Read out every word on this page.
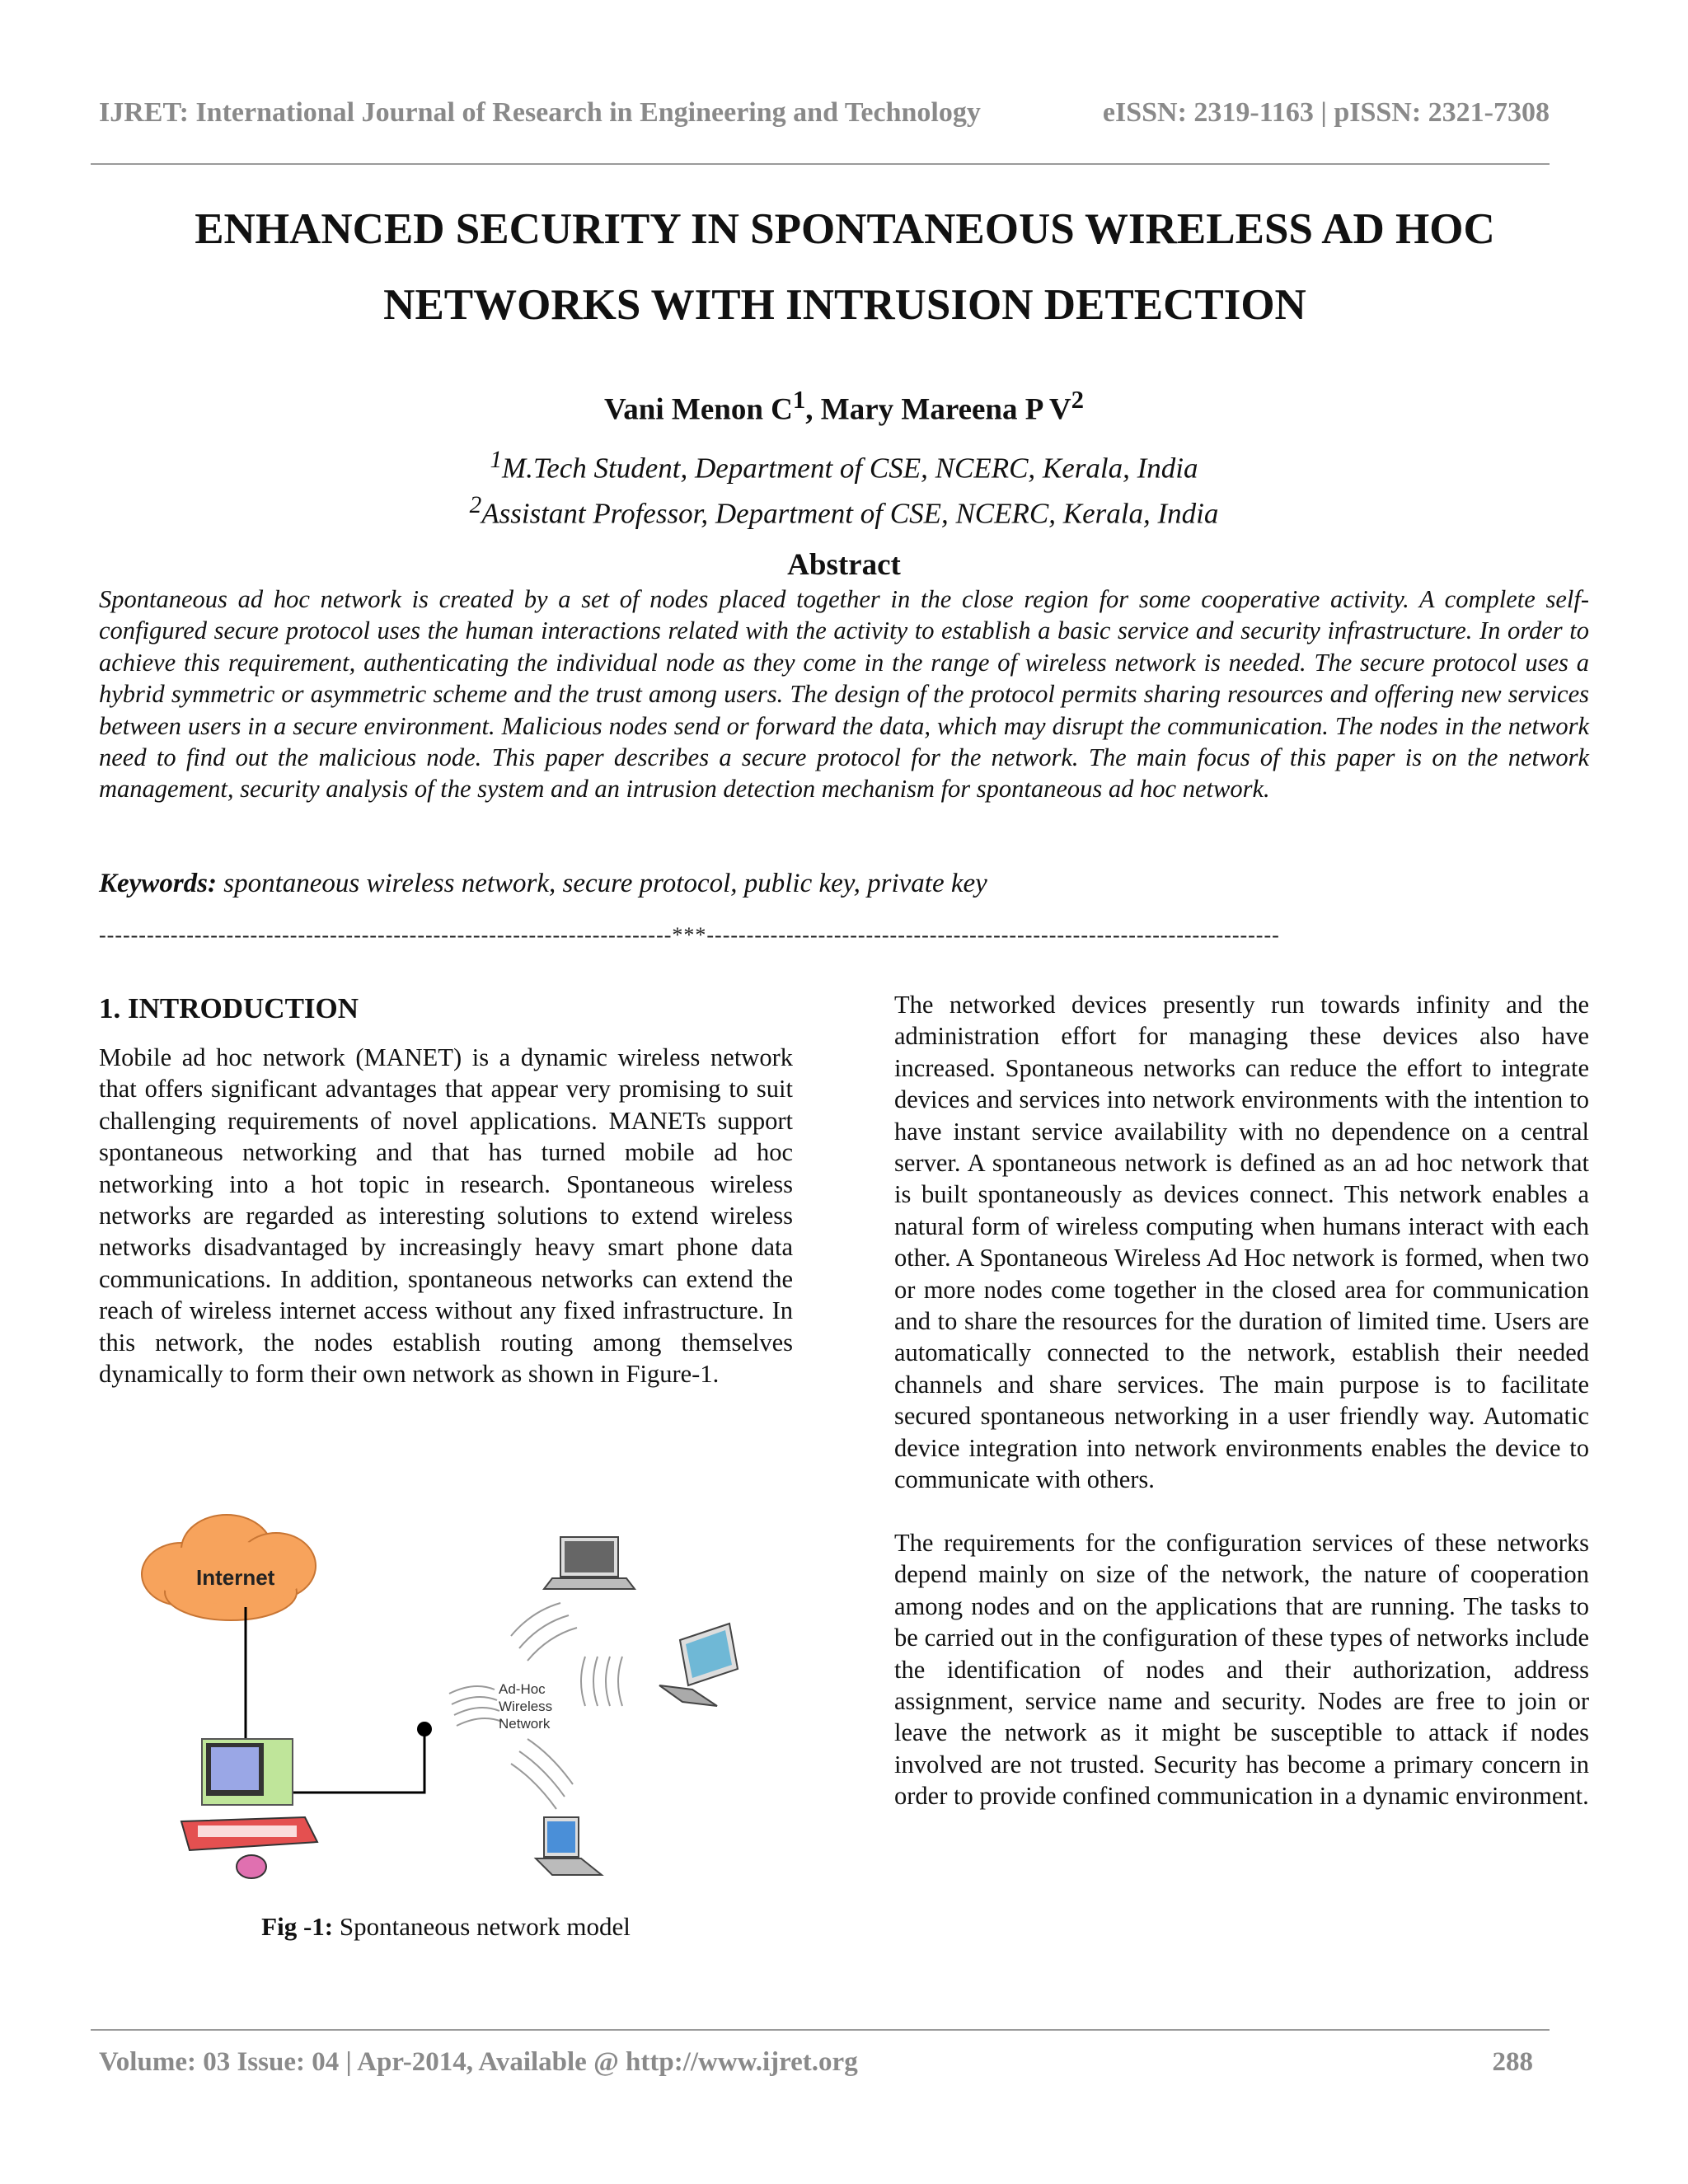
IJRET: International Journal of Research in Engineering and Technology	eISSN: 2319-1163 | pISSN: 2321-7308
ENHANCED SECURITY IN SPONTANEOUS WIRELESS AD HOC
NETWORKS WITH INTRUSION DETECTION
Vani Menon $C^1$, Mary Mareena P $V^2$
$^1$M.Tech Student, Department of CSE, NCERC, Kerala, India
$^2$Assistant Professor, Department of CSE, NCERC, Kerala, India
Abstract

Spontaneous ad hoc network is created by a set of nodes placed together in the close region for some cooperative activity. A complete self-configured secure protocol uses the human interactions related with the activity to establish a basic service and security infrastructure. In order to achieve this requirement, authenticating the individual node as they come in the range of wireless network is needed. The secure protocol uses a hybrid symmetric or asymmetric scheme and the trust among users. The design of the protocol permits sharing resources and offering new services between users in a secure environment. Malicious nodes send or forward the data, which may disrupt the communication. The nodes in the network need to find out the malicious node. This paper describes a secure protocol for the network. The main focus of this paper is on the network management, security analysis of the system and an intrusion detection mechanism for spontaneous ad hoc network.

Keywords: spontaneous wireless network, secure protocol, public key, private key
------------------------------------------------------------------------***------------------------------------------------------------------------
1. INTRODUCTION

Mobile ad hoc network (MANET) is a dynamic wireless network that offers significant advantages that appear very promising to suit challenging requirements of novel applications. MANETs support spontaneous networking and that has turned mobile ad hoc networking into a hot topic in research. Spontaneous wireless networks are regarded as interesting solutions to extend wireless networks disadvantaged by increasingly heavy smart phone data communications. In addition, spontaneous networks can extend the reach of wireless internet access without any fixed infrastructure. In this network, the nodes establish routing among themselves dynamically to form their own network as shown in Figure-1.

The networked devices presently run towards infinity and the administration effort for managing these devices also have increased. Spontaneous networks can reduce the effort to integrate devices and services into network environments with the intention to have instant service availability with no dependence on a central server. A spontaneous network is defined as an ad hoc network that is built spontaneously as devices connect. This network enables a natural form of wireless computing when humans interact with each other. A Spontaneous Wireless Ad Hoc network is formed, when two or more nodes come together in the closed area for communication and to share the resources for the duration of limited time. Users are automatically connected to the network, establish their needed channels and share services. The main purpose is to facilitate secured spontaneous networking in a user friendly way. Automatic device integration into network environments enables the device to communicate with others.

The requirements for the configuration services of these networks depend mainly on size of the network, the nature of cooperation among nodes and on the applications that are running. The tasks to be carried out in the configuration of these types of networks include the identification of nodes and their authorization, address assignment, service name and security. Nodes are free to join or leave the network as it might be susceptible to attack if nodes involved are not trusted. Security has become a primary concern in order to provide confined communication in a dynamic environment.

Internet
Ad-Hoc
Wireless
Network
Fig -1: Spontaneous network model
Volume: 03 Issue: 04 | Apr-2014, Available @ http://www.ijret.org	288
